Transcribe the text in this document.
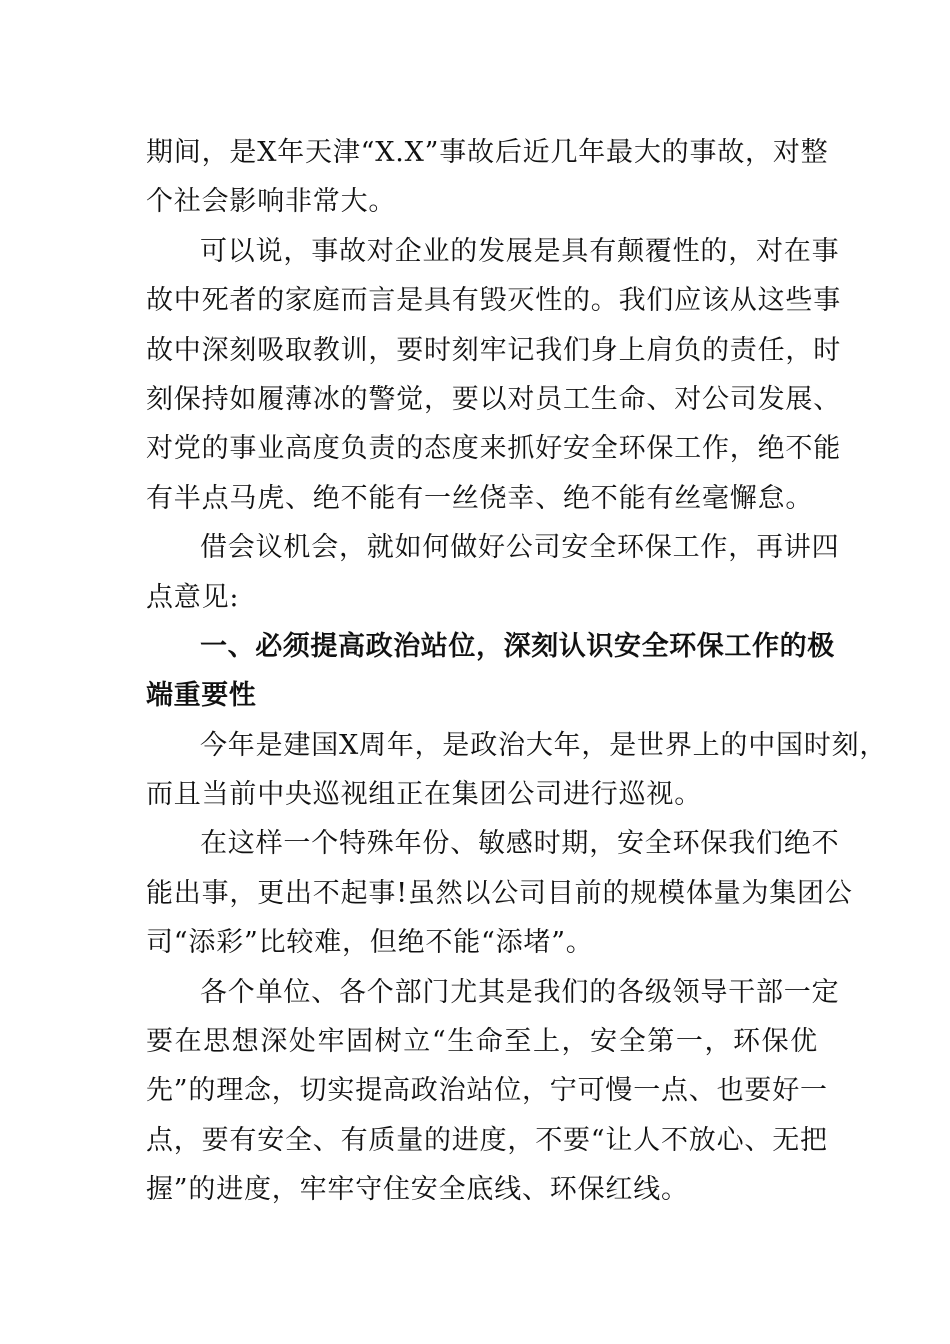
期间，是X年天津“X.X”事故后近几年最大的事故，对整
个社会影响非常大。
可以说，事故对企业的发展是具有颠覆性的，对在事
故中死者的家庭而言是具有毁灭性的。我们应该从这些事
故中深刻吸取教训，要时刻牢记我们身上肩负的责任，时
刻保持如履薄冰的警觉，要以对员工生命、对公司发展、
对党的事业高度负责的态度来抓好安全环保工作，绝不能
有半点马虎、绝不能有一丝侥幸、绝不能有丝毫懈怠。
借会议机会，就如何做好公司安全环保工作，再讲四
点意见:
一、必须提高政治站位，深刻认识安全环保工作的极
端重要性
今年是建国X周年，是政治大年，是世界上的中国时刻，
而且当前中央巡视组正在集团公司进行巡视。
在这样一个特殊年份、敏感时期，安全环保我们绝不
能出事，更出不起事!虽然以公司目前的规模体量为集团公
司“添彩”比较难，但绝不能“添堵”。
各个单位、各个部门尤其是我们的各级领导干部一定
要在思想深处牢固树立“生命至上，安全第一，环保优
先”的理念，切实提高政治站位，宁可慢一点、也要好一
点，要有安全、有质量的进度，不要“让人不放心、无把
握”的进度，牢牢守住安全底线、环保红线。
